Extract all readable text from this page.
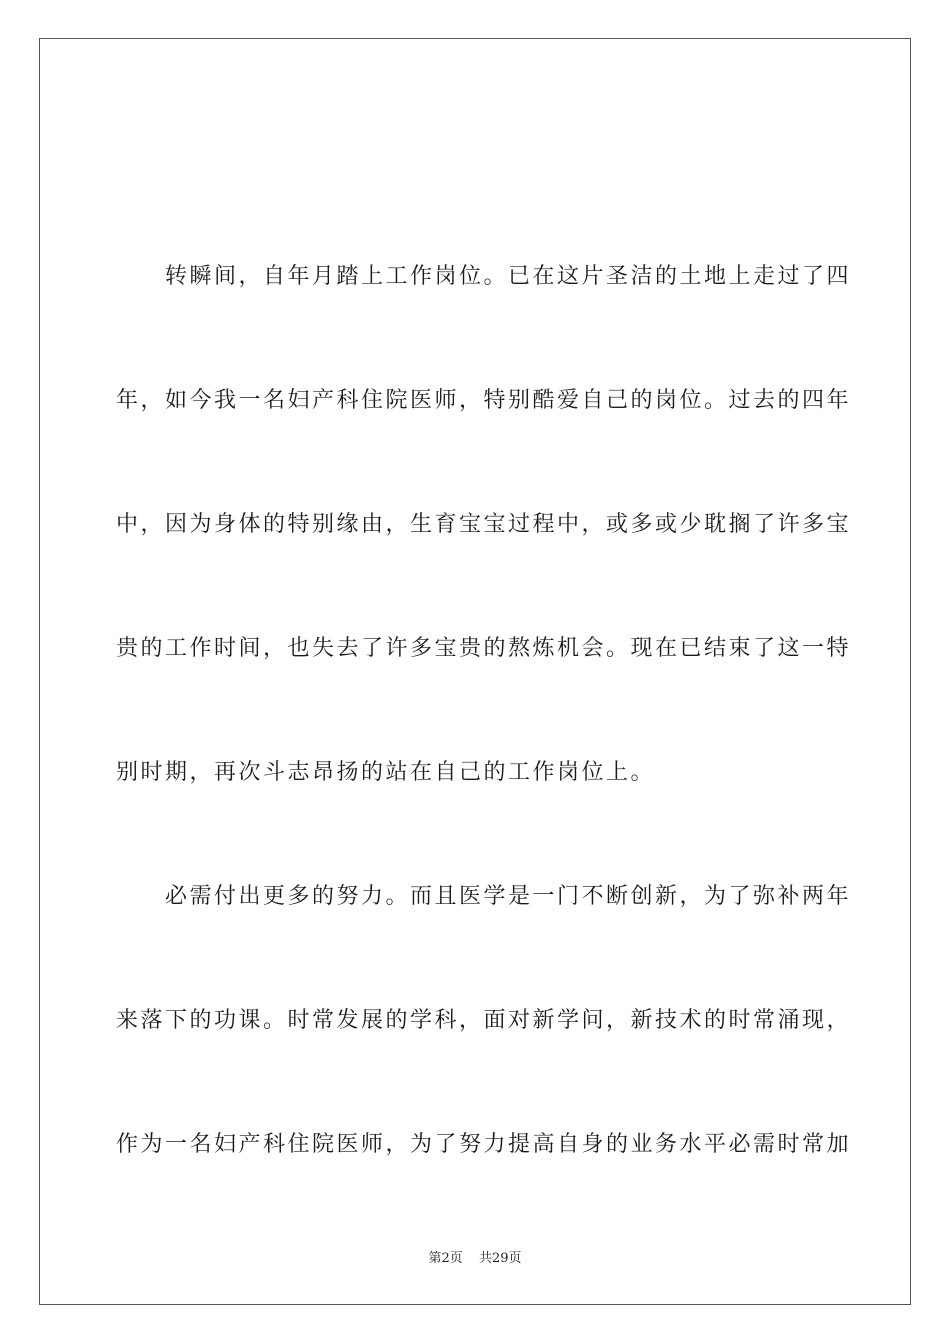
　　转瞬间，自年月踏上工作岗位。已在这片圣洁的土地上走过了四
年，如今我一名妇产科住院医师，特别酷爱自己的岗位。过去的四年
中，因为身体的特别缘由，生育宝宝过程中，或多或少耽搁了许多宝
贵的工作时间，也失去了许多宝贵的熬炼机会。现在已结束了这一特
别时期，再次斗志昂扬的站在自己的工作岗位上。
　　必需付出更多的努力。而且医学是一门不断创新，为了弥补两年
来落下的功课。时常发展的学科，面对新学问，新技术的时常涌现，
作为一名妇产科住院医师，为了努力提高自身的业务水平必需时常加
第2页 共29页
